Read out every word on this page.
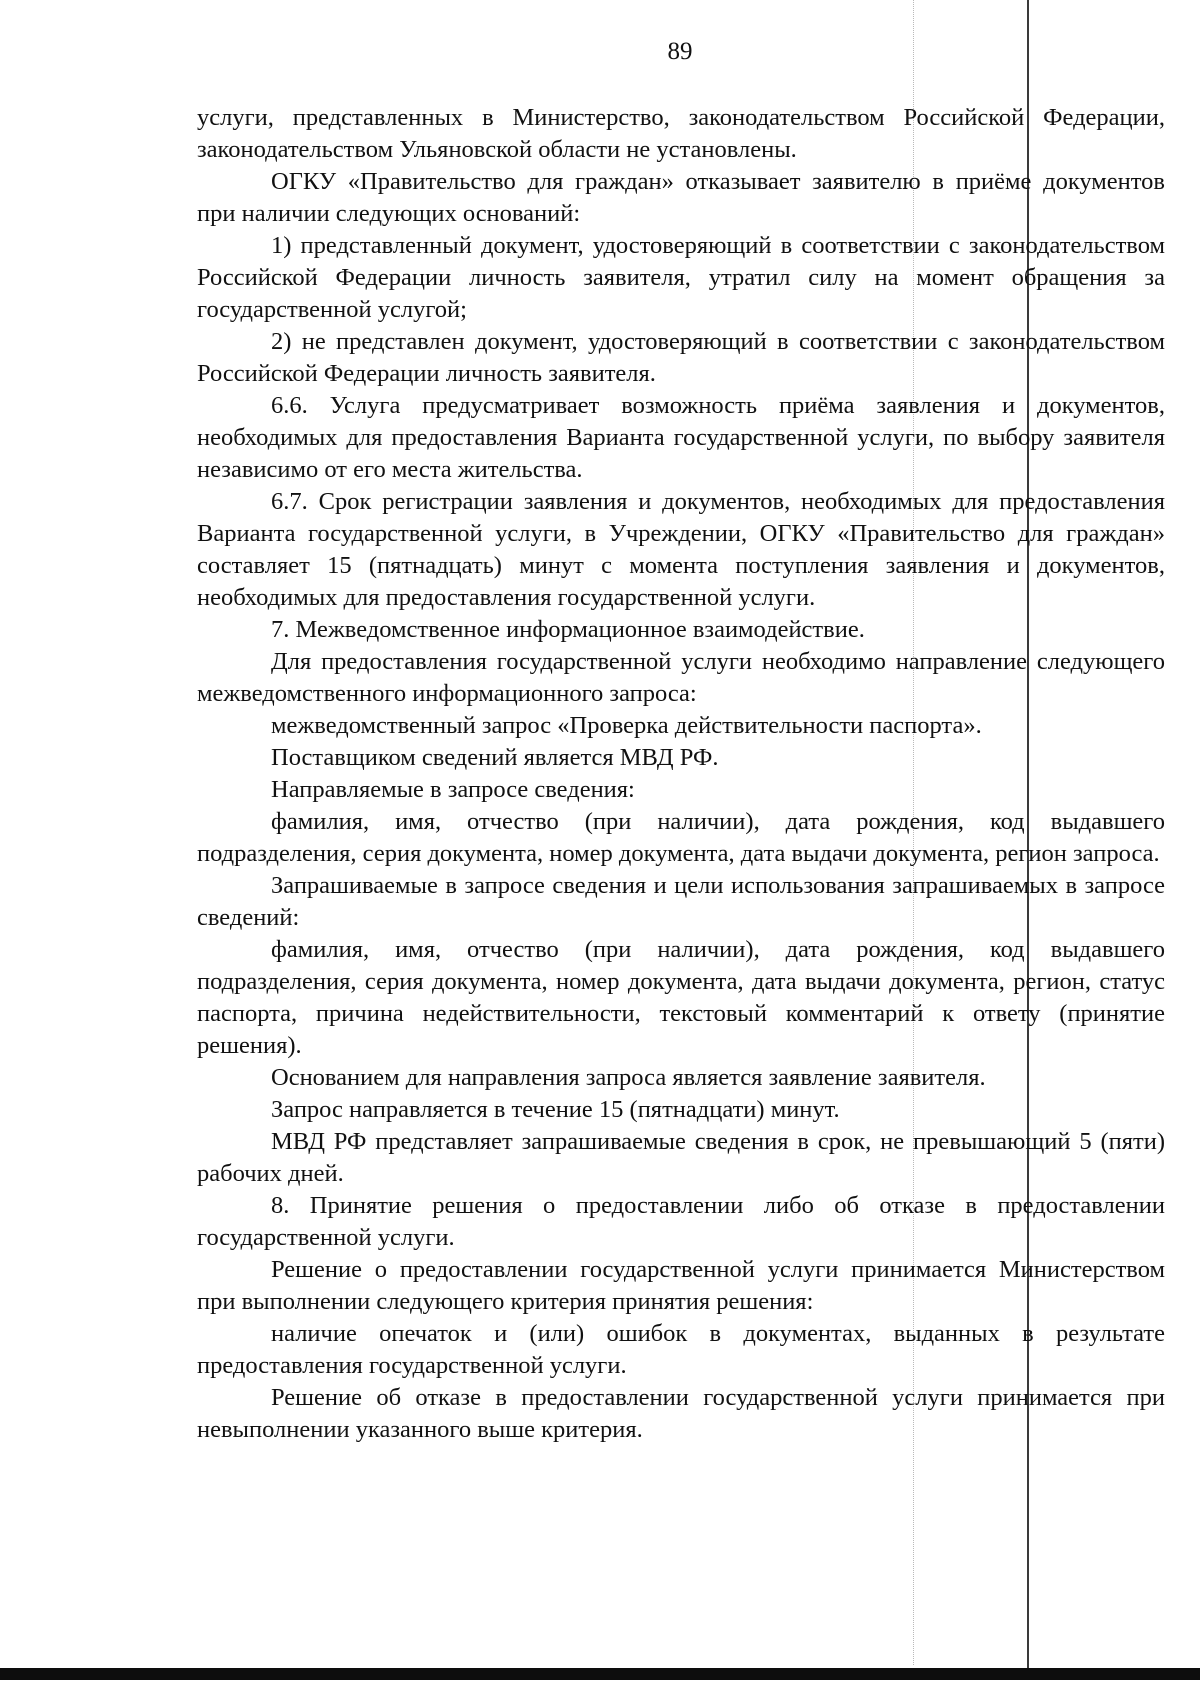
89

услуги, представленных в Министерство, законодательством Российской Федерации, законодательством Ульяновской области не установлены.

ОГКУ «Правительство для граждан» отказывает заявителю в приёме документов при наличии следующих оснований:

1) представленный документ, удостоверяющий в соответствии с законодательством Российской Федерации личность заявителя, утратил силу на момент обращения за государственной услугой;

2) не представлен документ, удостоверяющий в соответствии с законодательством Российской Федерации личность заявителя.

6.6. Услуга предусматривает возможность приёма заявления и документов, необходимых для предоставления Варианта государственной услуги, по выбору заявителя независимо от его места жительства.

6.7. Срок регистрации заявления и документов, необходимых для предоставления Варианта государственной услуги, в Учреждении, ОГКУ «Правительство для граждан» составляет 15 (пятнадцать) минут с момента поступления заявления и документов, необходимых для предоставления государственной услуги.

7. Межведомственное информационное взаимодействие.

Для предоставления государственной услуги необходимо направление следующего межведомственного информационного запроса:

межведомственный запрос «Проверка действительности паспорта».

Поставщиком сведений является МВД РФ.

Направляемые в запросе сведения:

фамилия, имя, отчество (при наличии), дата рождения, код выдавшего подразделения, серия документа, номер документа, дата выдачи документа, регион запроса.

Запрашиваемые в запросе сведения и цели использования запрашиваемых в запросе сведений:

фамилия, имя, отчество (при наличии), дата рождения, код выдавшего подразделения, серия документа, номер документа, дата выдачи документа, регион, статус паспорта, причина недействительности, текстовый комментарий к ответу (принятие решения).

Основанием для направления запроса является заявление заявителя.

Запрос направляется в течение 15 (пятнадцати) минут.

МВД РФ представляет запрашиваемые сведения в срок, не превышающий 5 (пяти) рабочих дней.

8. Принятие решения о предоставлении либо об отказе в предоставлении государственной услуги.

Решение о предоставлении государственной услуги принимается Министерством при выполнении следующего критерия принятия решения:

наличие опечаток и (или) ошибок в документах, выданных в результате предоставления государственной услуги.

Решение об отказе в предоставлении государственной услуги принимается при невыполнении указанного выше критерия.
